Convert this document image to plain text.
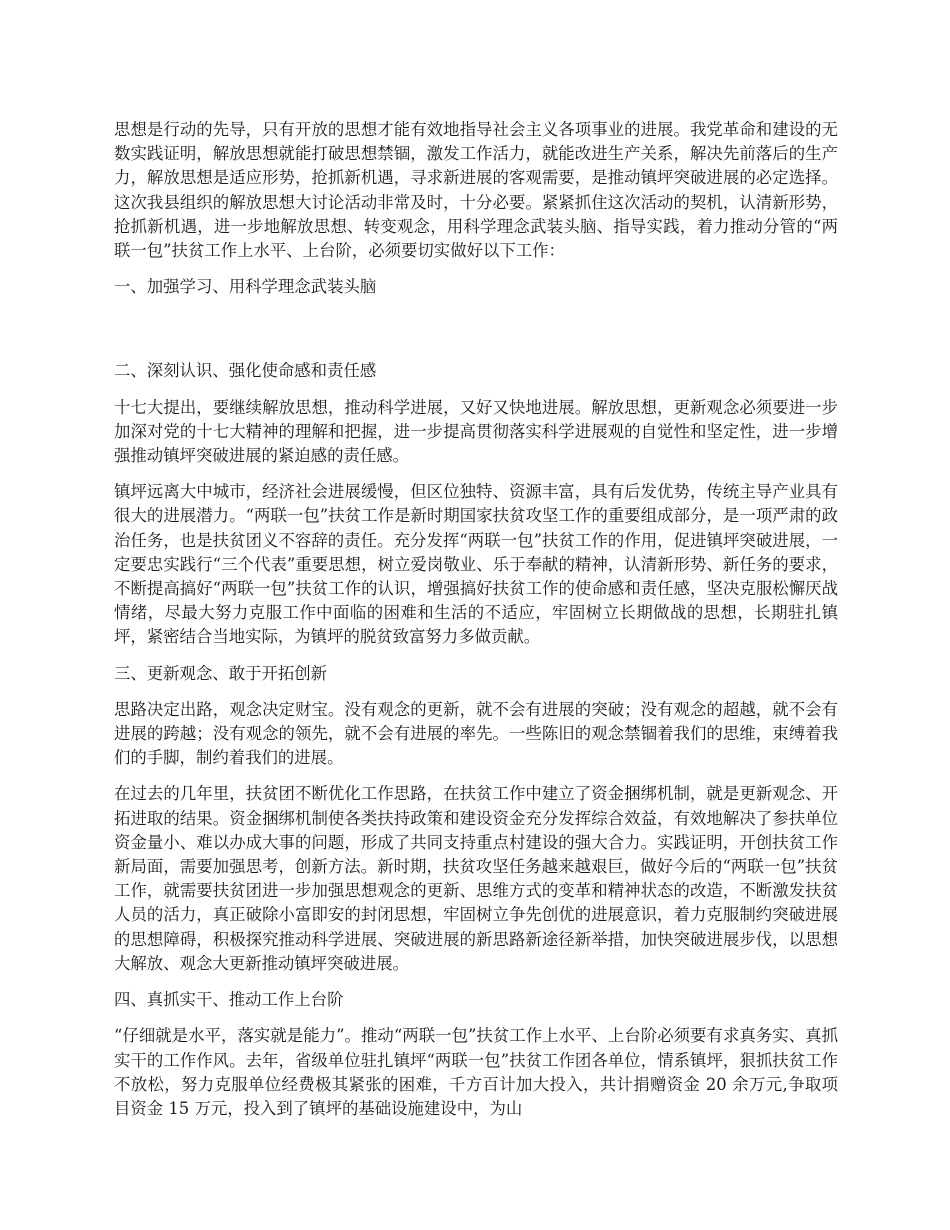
思想是行动的先导，只有开放的思想才能有效地指导社会主义各项事业的进展。我党革命和建设的无数实践证明，解放思想就能打破思想禁锢，激发工作活力，就能改进生产关系，解决先前落后的生产力，解放思想是适应形势，抢抓新机遇，寻求新进展的客观需要，是推动镇坪突破进展的必定选择。这次我县组织的解放思想大讨论活动非常及时，十分必要。紧紧抓住这次活动的契机，认清新形势，抢抓新机遇，进一步地解放思想、转变观念，用科学理念武装头脑、指导实践，着力推动分管的“两联一包”扶贫工作上水平、上台阶，必须要切实做好以下工作：

一、加强学习、用科学理念武装头脑

二、深刻认识、强化使命感和责任感

十七大提出，要继续解放思想，推动科学进展，又好又快地进展。解放思想，更新观念必须要进一步加深对党的十七大精神的理解和把握，进一步提高贯彻落实科学进展观的自觉性和坚定性，进一步增强推动镇坪突破进展的紧迫感的责任感。

镇坪远离大中城市，经济社会进展缓慢，但区位独特、资源丰富，具有后发优势，传统主导产业具有很大的进展潜力。“两联一包”扶贫工作是新时期国家扶贫攻坚工作的重要组成部分，是一项严肃的政治任务，也是扶贫团义不容辞的责任。充分发挥“两联一包”扶贫工作的作用，促进镇坪突破进展，一定要忠实践行“三个代表”重要思想，树立爱岗敬业、乐于奉献的精神，认清新形势、新任务的要求，不断提高搞好“两联一包”扶贫工作的认识，增强搞好扶贫工作的使命感和责任感，坚决克服松懈厌战情绪，尽最大努力克服工作中面临的困难和生活的不适应，牢固树立长期做战的思想，长期驻扎镇坪，紧密结合当地实际，为镇坪的脱贫致富努力多做贡献。

三、更新观念、敢于开拓创新

思路决定出路，观念决定财宝。没有观念的更新，就不会有进展的突破；没有观念的超越，就不会有进展的跨越；没有观念的领先，就不会有进展的率先。一些陈旧的观念禁锢着我们的思维，束缚着我们的手脚，制约着我们的进展。

在过去的几年里，扶贫团不断优化工作思路，在扶贫工作中建立了资金捆绑机制，就是更新观念、开拓进取的结果。资金捆绑机制使各类扶持政策和建设资金充分发挥综合效益，有效地解决了参扶单位资金量小、难以办成大事的问题，形成了共同支持重点村建设的强大合力。实践证明，开创扶贫工作新局面，需要加强思考，创新方法。新时期，扶贫攻坚任务越来越艰巨，做好今后的“两联一包”扶贫工作，就需要扶贫团进一步加强思想观念的更新、思维方式的变革和精神状态的改造，不断激发扶贫人员的活力，真正破除小富即安的封闭思想，牢固树立争先创优的进展意识，着力克服制约突破进展的思想障碍，积极探究推动科学进展、突破进展的新思路新途径新举措，加快突破进展步伐，以思想大解放、观念大更新推动镇坪突破进展。

四、真抓实干、推动工作上台阶

“仔细就是水平，落实就是能力”。推动“两联一包”扶贫工作上水平、上台阶必须要有求真务实、真抓实干的工作作风。去年，省级单位驻扎镇坪“两联一包”扶贫工作团各单位，情系镇坪，狠抓扶贫工作不放松，努力克服单位经费极其紧张的困难，千方百计加大投入，共计捐赠资金 20 余万元,争取项目资金 15 万元，投入到了镇坪的基础设施建设中，为山
